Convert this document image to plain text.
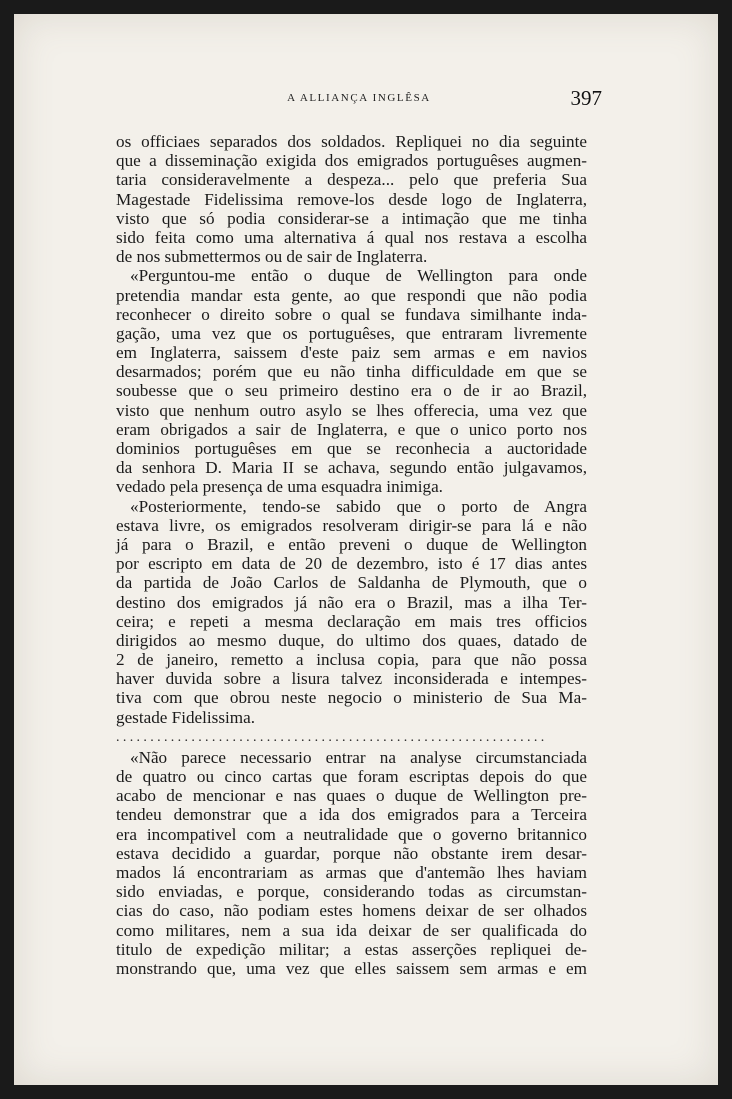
A ALLIANÇA INGLÊSA	397
os officiaes separados dos soldados. Repliquei no dia seguinte
que a disseminação exigida dos emigrados portuguêses augmen-
taria consideravelmente a despeza... pelo que preferia Sua
Magestade Fidelissima remove-los desde logo de Inglaterra,
visto que só podia considerar-se a intimação que me tinha
sido feita como uma alternativa á qual nos restava a escolha
de nos submettermos ou de sair de Inglaterra.
«Perguntou-me então o duque de Wellington para onde
pretendia mandar esta gente, ao que respondi que não podia
reconhecer o direito sobre o qual se fundava similhante inda-
gação, uma vez que os portuguêses, que entraram livremente
em Inglaterra, saissem d'este paiz sem armas e em navios
desarmados; porém que eu não tinha difficuldade em que se
soubesse que o seu primeiro destino era o de ir ao Brazil,
visto que nenhum outro asylo se lhes offerecia, uma vez que
eram obrigados a sair de Inglaterra, e que o unico porto nos
dominios portuguêses em que se reconhecia a auctoridade
da senhora D. Maria II se achava, segundo então julgavamos,
vedado pela presença de uma esquadra inimiga.
«Posteriormente, tendo-se sabido que o porto de Angra
estava livre, os emigrados resolveram dirigir-se para lá e não
já para o Brazil, e então preveni o duque de Wellington
por escripto em data de 20 de dezembro, isto é 17 dias antes
da partida de João Carlos de Saldanha de Plymouth, que o
destino dos emigrados já não era o Brazil, mas a ilha Ter-
ceira; e repeti a mesma declaração em mais tres officios
dirigidos ao mesmo duque, do ultimo dos quaes, datado de
2 de janeiro, remetto a inclusa copia, para que não possa
haver duvida sobre a lisura talvez inconsiderada e intempes-
tiva com que obrou neste negocio o ministerio de Sua Ma-
gestade Fidelissima.
...............................................................
«Não parece necessario entrar na analyse circumstanciada
de quatro ou cinco cartas que foram escriptas depois do que
acabo de mencionar e nas quaes o duque de Wellington pre-
tendeu demonstrar que a ida dos emigrados para a Terceira
era incompativel com a neutralidade que o governo britannico
estava decidido a guardar, porque não obstante irem desar-
mados lá encontrariam as armas que d'antemão lhes haviam
sido enviadas, e porque, considerando todas as circumstan-
cias do caso, não podiam estes homens deixar de ser olhados
como militares, nem a sua ida deixar de ser qualificada do
titulo de expedição militar; a estas asserções repliquei de-
monstrando que, uma vez que elles saissem sem armas e em
